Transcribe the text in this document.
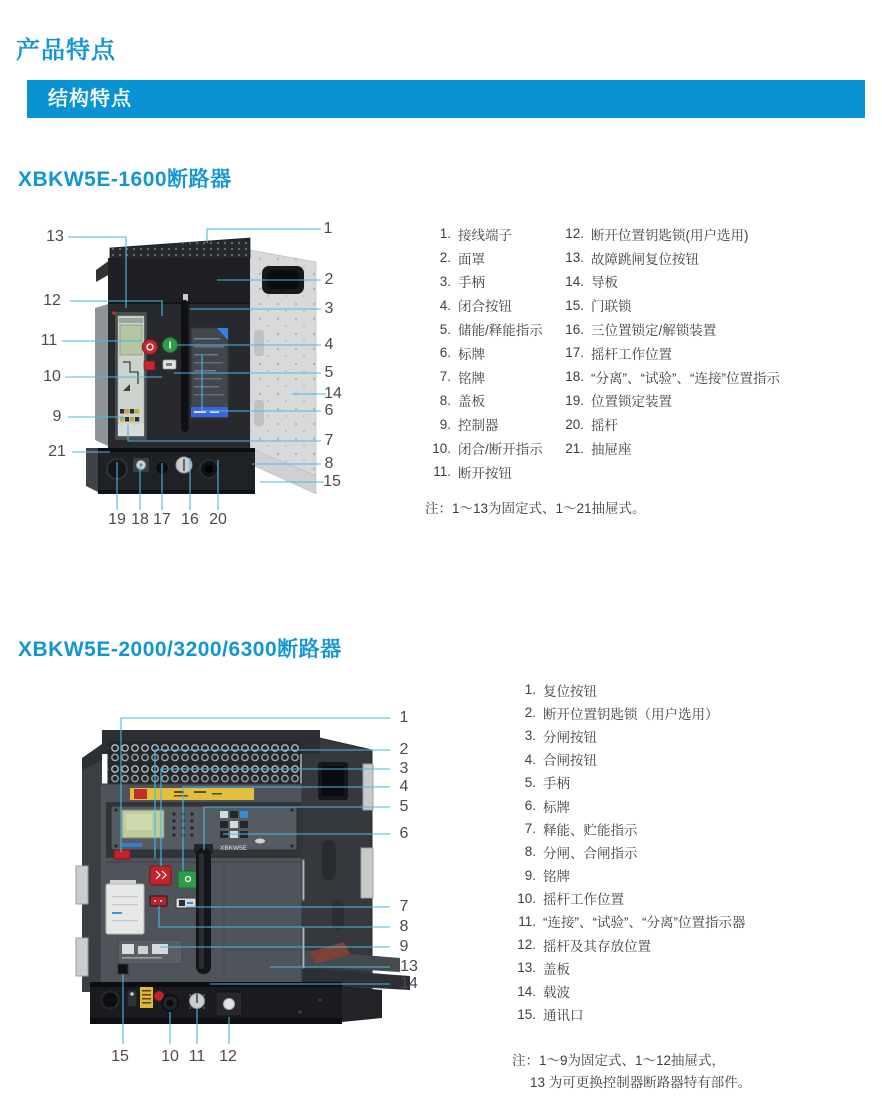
产品特点
结构特点
XBKW5E-1600断路器
13
12
11
10
9
21
1
2
3
4
5
14
6
7
8
15
19 18 17 16 20
1. 接线端子
2. 面罩
3. 手柄
4. 闭合按钮
5. 储能/释能指示
6. 标牌
7. 铭牌
8. 盖板
9. 控制器
10. 闭合/断开指示
11. 断开按钮
12. 断开位置钥匙锁(用户选用)
13. 故障跳闸复位按钮
14. 导板
15. 门联锁
16. 三位置锁定/解锁装置
17. 摇杆工作位置
18. “分离”、“试验”、“连接”位置指示
19. 位置锁定装置
20. 摇杆
21. 抽屉座
注：1～13为固定式、1～21抽屉式。
XBKW5E-2000/3200/6300断路器
XBKW5E
1
2
3
4
5
6
7
8
9
13
14
15 10 11 12
1. 复位按钮
2. 断开位置钥匙锁（用户选用）
3. 分闸按钮
4. 合闸按钮
5. 手柄
6. 标牌
7. 释能、贮能指示
8. 分闸、合闸指示
9. 铭牌
10. 摇杆工作位置
11. “连接”、“试验”、“分离”位置指示器
12. 摇杆及其存放位置
13. 盖板
14. 载波
15. 通讯口
注：1～9为固定式、1～12抽屉式，
13 为可更换控制器断路器特有部件。
